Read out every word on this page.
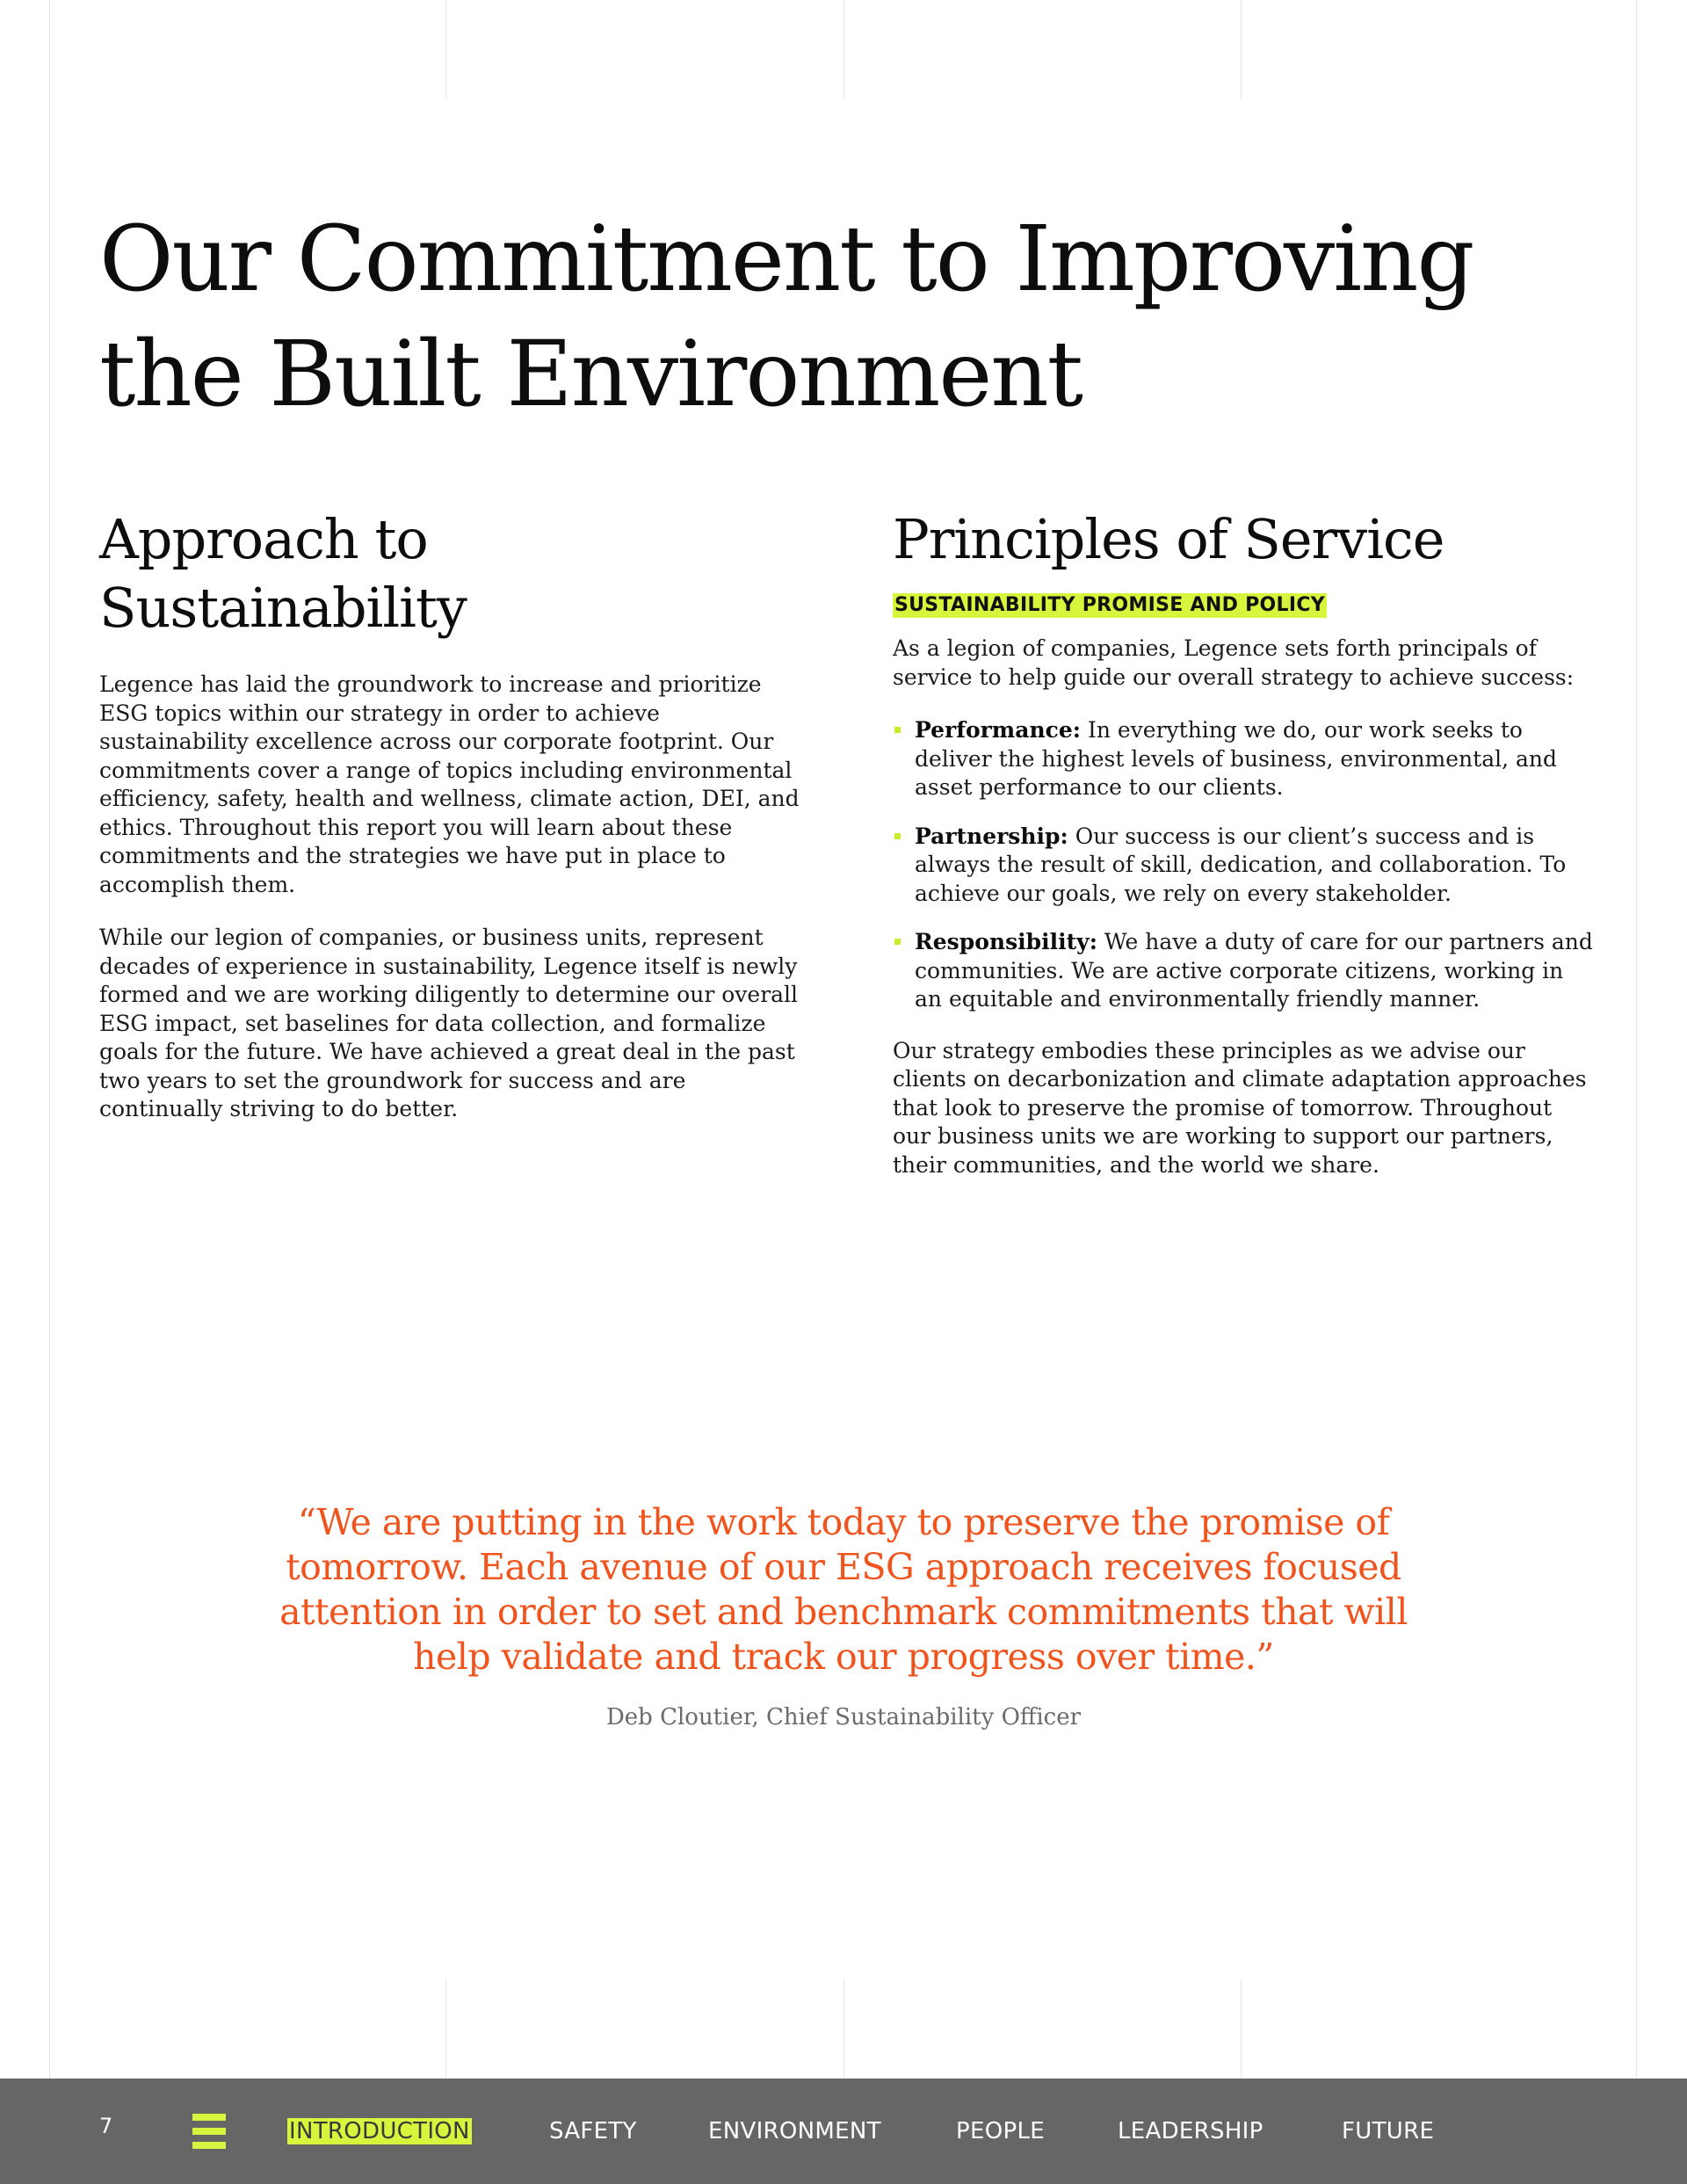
Our Commitment to Improving the Built Environment
Approach to Sustainability

Legence has laid the groundwork to increase and prioritize ESG topics within our strategy in order to achieve sustainability excellence across our corporate footprint. Our commitments cover a range of topics including environmental efficiency, safety, health and wellness, climate action, DEI, and ethics. Throughout this report you will learn about these commitments and the strategies we have put in place to accomplish them.

While our legion of companies, or business units, represent decades of experience in sustainability, Legence itself is newly formed and we are working diligently to determine our overall ESG impact, set baselines for data collection, and formalize goals for the future. We have achieved a great deal in the past two years to set the groundwork for success and are continually striving to do better.

Principles of Service
SUSTAINABILITY PROMISE AND POLICY

As a legion of companies, Legence sets forth principals of service to help guide our overall strategy to achieve success:

Performance: In everything we do, our work seeks to deliver the highest levels of business, environmental, and asset performance to our clients.
Partnership: Our success is our client’s success and is always the result of skill, dedication, and collaboration. To achieve our goals, we rely on every stakeholder.
Responsibility: We have a duty of care for our partners and communities. We are active corporate citizens, working in an equitable and environmentally friendly manner.

Our strategy embodies these principles as we advise our clients on decarbonization and climate adaptation approaches that look to preserve the promise of tomorrow. Throughout our business units we are working to support our partners, their communities, and the world we share.

“We are putting in the work today to preserve the promise of tomorrow. Each avenue of our ESG approach receives focused attention in order to set and benchmark commitments that will help validate and track our progress over time.”

Deb Cloutier, Chief Sustainability Officer
7	INTRODUCTION	SAFETY	ENVIRONMENT	PEOPLE	LEADERSHIP	FUTURE
